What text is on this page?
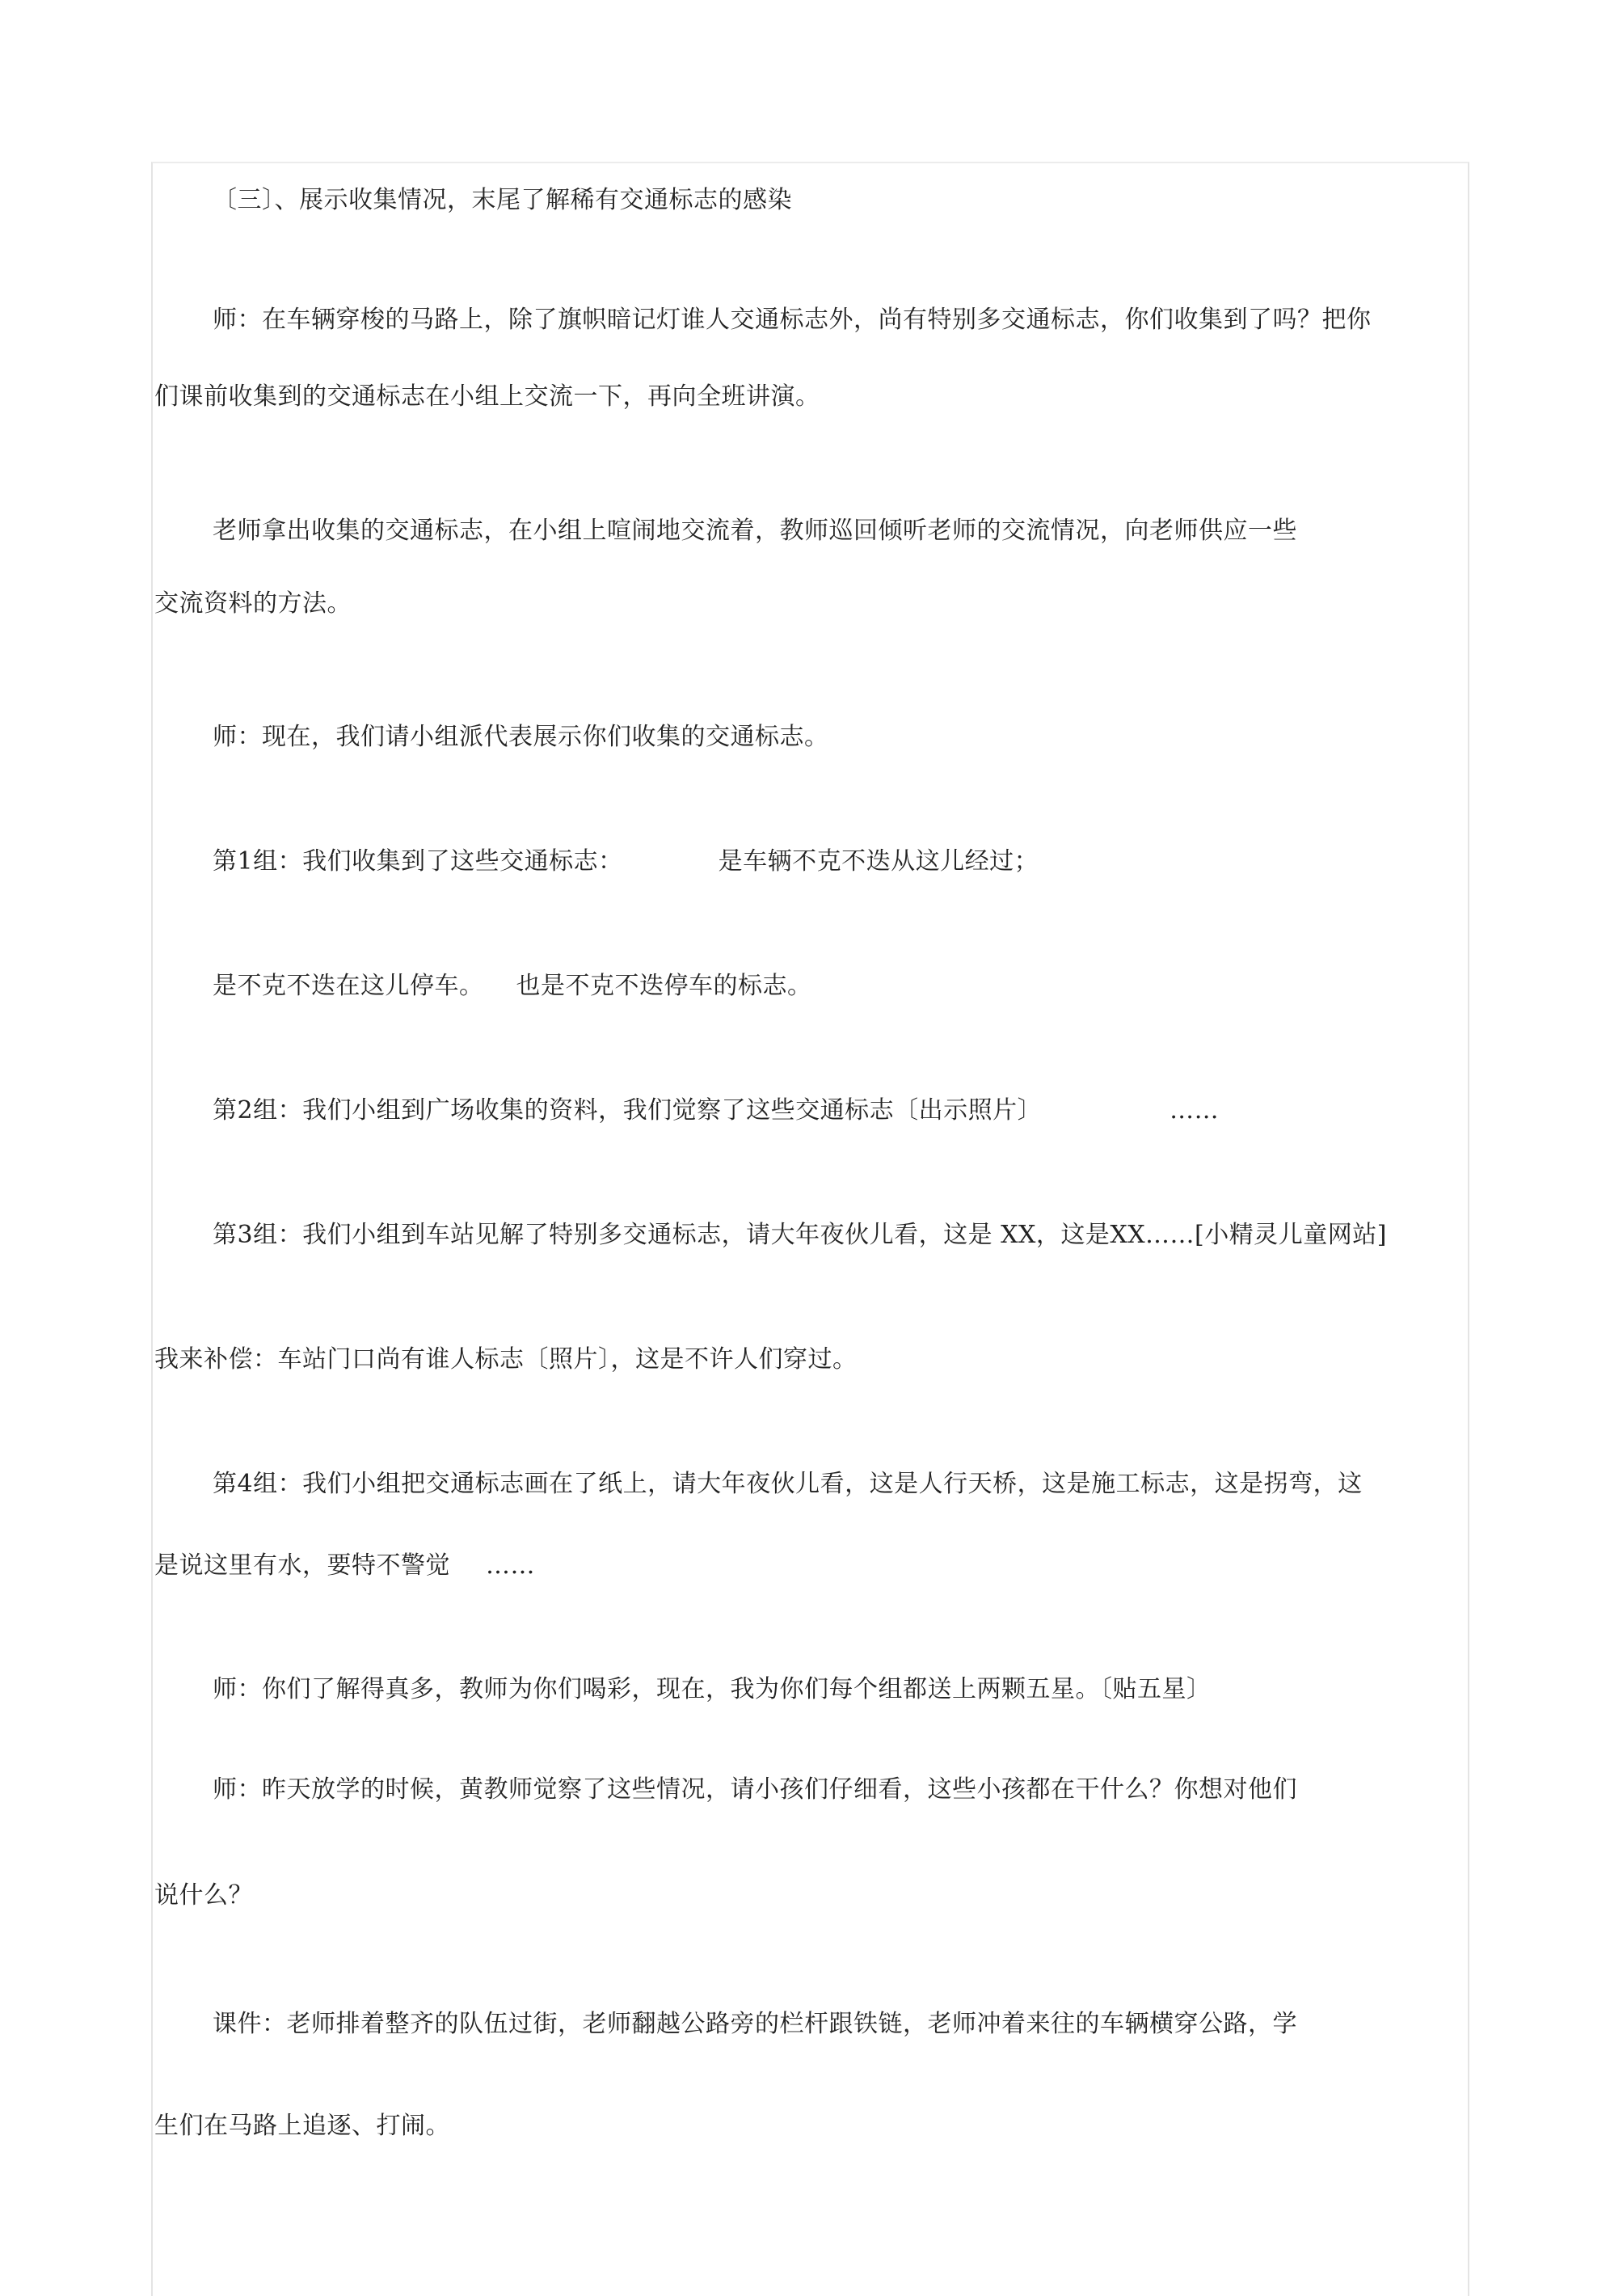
〔三〕、展示收集情况，末尾了解稀有交通标志的感染
师：在车辆穿梭的马路上，除了旗帜暗记灯谁人交通标志外，尚有特别多交通标志，你们收集到了吗？把你
们课前收集到的交通标志在小组上交流一下，再向全班讲演。
老师拿出收集的交通标志，在小组上喧闹地交流着，教师巡回倾听老师的交流情况，向老师供应一些
交流资料的方法。
师：现在，我们请小组派代表展示你们收集的交通标志。
第1组：我们收集到了这些交通标志：	是车辆不克不迭从这儿经过；
是不克不迭在这儿停车。 也是不克不迭停车的标志。
第2组：我们小组到广场收集的资料，我们觉察了这些交通标志〔出示照片〕	……
第3组：我们小组到车站见解了特别多交通标志，请大年夜伙儿看，这是 XX，这是XX……[小精灵儿童网站]
我来补偿：车站门口尚有谁人标志〔照片〕，这是不许人们穿过。
第4组：我们小组把交通标志画在了纸上，请大年夜伙儿看，这是人行天桥，这是施工标志，这是拐弯，这
是说这里有水，要特不警觉 ……
师：你们了解得真多，教师为你们喝彩，现在，我为你们每个组都送上两颗五星。〔贴五星〕
师：昨天放学的时候，黄教师觉察了这些情况，请小孩们仔细看，这些小孩都在干什么？你想对他们
说什么？
课件：老师排着整齐的队伍过街，老师翻越公路旁的栏杆跟铁链，老师冲着来往的车辆横穿公路，学
生们在马路上追逐、打闹。
